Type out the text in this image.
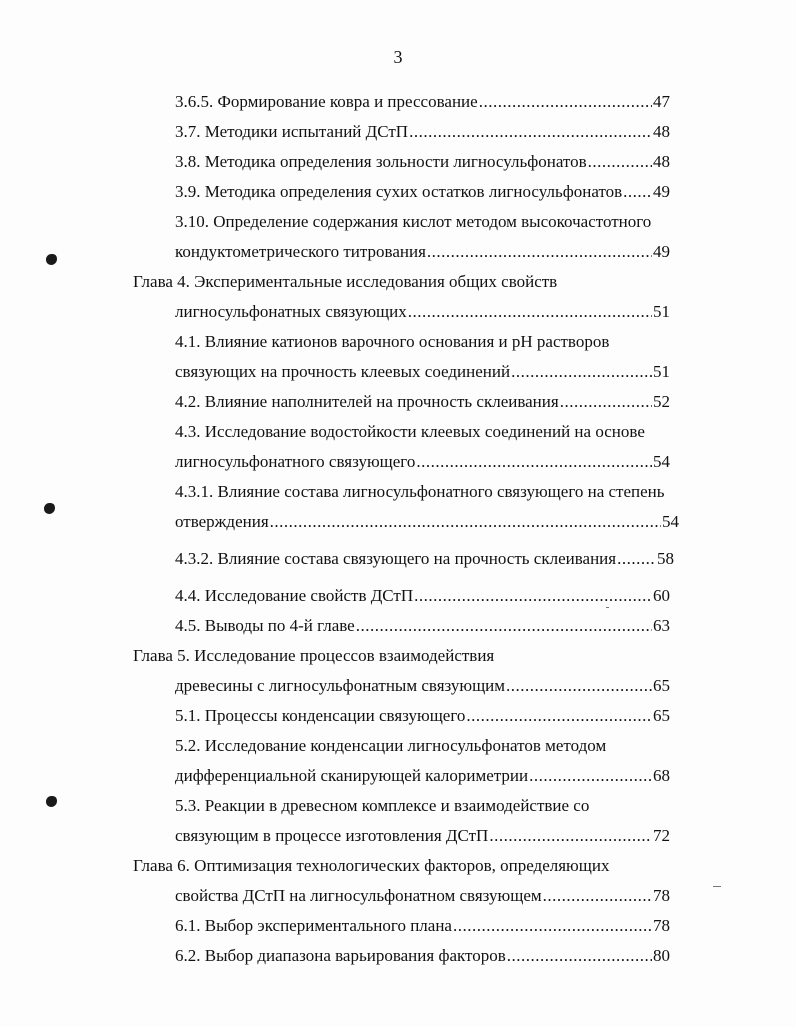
3
3.6.5. Формирование ковра и прессование .....	47
3.7. Методики испытаний ДСтП .....	48
3.8. Методика определения зольности лигносульфонатов .....	48
3.9. Методика определения сухих остатков лигносульфонатов ..... 49
3.10. Определение содержания кислот методом высокочастотного
кондуктометрического титрования .....	49
Глава 4. Экспериментальные исследования общих свойств
лигносульфонатных связующих .....	51
4.1. Влияние катионов варочного основания и рН растворов
связующих на прочность клеевых соединений .....	51
4.2. Влияние наполнителей на прочность склеивания .....	52
4.3. Исследование водостойкости клеевых соединений на основе
лигносульфонатного связующего .....	54
4.3.1. Влияние состава лигносульфонатного связующего на степень
отверждения .....	54
4.3.2. Влияние состава связующего на прочность склеивания ..... 58
4.4. Исследование свойств ДСтП .....	60
4.5. Выводы по 4-й главе .....	63
Глава 5. Исследование процессов взаимодействия
древесины с лигносульфонатным связующим .....	65
5.1. Процессы конденсации связующего .....	65
5.2. Исследование конденсации лигносульфонатов методом
дифференциальной сканирующей калориметрии .....	68
5.3. Реакции в древесном комплексе и взаимодействие со
связующим в процессе изготовления ДСтП .....	72
Глава 6. Оптимизация технологических факторов, определяющих
свойства ДСтП на лигносульфонатном связующем .....	78
6.1. Выбор экспериментального плана .....	78
6.2. Выбор диапазона варьирования факторов .....	80
